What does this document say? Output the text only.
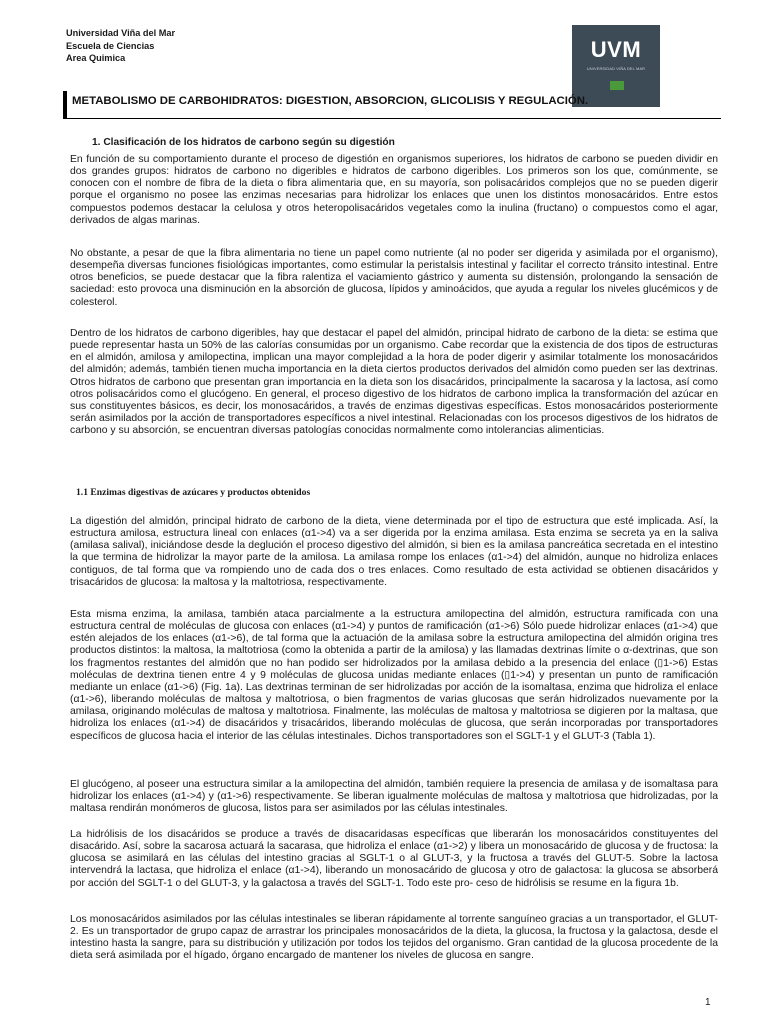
Universidad Viña del Mar
Escuela de Ciencias
Area Quimica	UVM
UNIVERSIDAD VIÑA DEL MAR
METABOLISMO DE CARBOHIDRATOS: DIGESTION, ABSORCION, GLICOLISIS Y REGULACIÓN.
1. Clasificación de los hidratos de carbono según su digestión
En función de su comportamiento durante el proceso de digestión en organismos superiores, los hidratos de carbono se pueden dividir en dos grandes grupos: hidratos de carbono no digeribles e hidratos de carbono digeribles. Los primeros son los que, comúnmente, se conocen con el nombre de fibra de la dieta o fibra alimentaria que, en su mayoría, son polisacáridos complejos que no se pueden digerir porque el organismo no posee las enzimas necesarias para hidrolizar los enlaces que unen los distintos monosacáridos. Entre estos compuestos podemos destacar la celulosa y otros heteropolisacáridos vegetales como la inulina (fructano) o compuestos como el agar, derivados de algas marinas.
No obstante, a pesar de que la fibra alimentaria no tiene un papel como nutriente (al no poder ser digerida y asimilada por el organismo), desempeña diversas funciones fisiológicas importantes, como estimular la peristalsis intestinal y facilitar el correcto tránsito intestinal. Entre otros beneficios, se puede destacar que la fibra ralentiza el vaciamiento gástrico y aumenta su distensión, prolongando la sensación de saciedad: esto provoca una disminución en la absorción de glucosa, lípidos y aminoácidos, que ayuda a regular los niveles glucémicos y de colesterol.
Dentro de los hidratos de carbono digeribles, hay que destacar el papel del almidón, principal hidrato de carbono de la dieta: se estima que puede representar hasta un 50% de las calorías consumidas por un organismo. Cabe recordar que la existencia de dos tipos de estructuras en el almidón, amilosa y amilopectina, implican una mayor complejidad a la hora de poder digerir y asimilar totalmente los monosacáridos del almidón; además, también tienen mucha importancia en la dieta ciertos productos derivados del almidón como pueden ser las dextrinas. Otros hidratos de carbono que presentan gran importancia en la dieta son los disacáridos, principalmente la sacarosa y la lactosa, así como otros polisacáridos como el glucógeno. En general, el proceso digestivo de los hidratos de carbono implica la transformación del azúcar en sus constituyentes básicos, es decir, los monosacáridos, a través de enzimas digestivas específicas. Estos monosacáridos posteriormente serán asimilados por la acción de transportadores específicos a nivel intestinal. Relacionadas con los procesos digestivos de los hidratos de carbono y su absorción, se encuentran diversas patologías conocidas normalmente como intolerancias alimenticias.
1.1 Enzimas digestivas de azúcares y productos obtenidos
La digestión del almidón, principal hidrato de carbono de la dieta, viene determinada por el tipo de estructura que esté implicada. Así, la estructura amilosa, estructura lineal con enlaces (α1->4) va a ser digerida por la enzima amilasa. Esta enzima se secreta ya en la saliva (amilasa salival), iniciándose desde la deglución el proceso digestivo del almidón, si bien es la amilasa pancreática secretada en el intestino la que termina de hidrolizar la mayor parte de la amilosa. La amilasa rompe los enlaces (α1->4) del almidón, aunque no hidroliza enlaces contiguos, de tal forma que va rompiendo uno de cada dos o tres enlaces. Como resultado de esta actividad se obtienen disacáridos y trisacáridos de glucosa: la maltosa y la maltotriosa, respectivamente.
Esta misma enzima, la amilasa, también ataca parcialmente a la estructura amilopectina del almidón, estructura ramificada con una estructura central de moléculas de glucosa con enlaces (α1->4) y puntos de ramificación (α1->6) Sólo puede hidrolizar enlaces (α1->4) que estén alejados de los enlaces (α1->6), de tal forma que la actuación de la amilasa sobre la estructura amilopectina del almidón origina tres productos distintos: la maltosa, la maltotriosa (como la obtenida a partir de la amilosa) y las llamadas dextrinas límite o α-dextrinas, que son los fragmentos restantes del almidón que no han podido ser hidrolizados por la amilasa debido a la presencia del enlace (▯1->6) Estas moléculas de dextrina tienen entre 4 y 9 moléculas de glucosa unidas mediante enlaces (▯1->4) y presentan un punto de ramificación mediante un enlace (α1->6) (Fig. 1a). Las dextrinas terminan de ser hidrolizadas por acción de la isomaltasa, enzima que hidroliza el enlace (α1->6), liberando moléculas de maltosa y maltotriosa, o bien fragmentos de varias glucosas que serán hidrolizados nuevamente por la amilasa, originando moléculas de maltosa y maltotriosa. Finalmente, las moléculas de maltosa y maltotriosa se digieren por la maltasa, que hidroliza los enlaces (α1->4) de disacáridos y trisacáridos, liberando moléculas de glucosa, que serán incorporadas por transportadores específicos de glucosa hacia el interior de las células intestinales. Dichos transportadores son el SGLT-1 y el GLUT-3 (Tabla 1).
El glucógeno, al poseer una estructura similar a la amilopectina del almidón, también requiere la presencia de amilasa y de isomaltasa para hidrolizar los enlaces (α1->4) y (α1->6) respectivamente. Se liberan igualmente moléculas de maltosa y maltotriosa que hidrolizadas, por la maltasa rendirán monómeros de glucosa, listos para ser asimilados por las células intestinales.
La hidrólisis de los disacáridos se produce a través de disacaridasas específicas que liberarán los monosacáridos constituyentes del disacárido. Así, sobre la sacarosa actuará la sacarasa, que hidroliza el enlace (α1->2) y libera un monosacárido de glucosa y de fructosa: la glucosa se asimilará en las células del intestino gracias al SGLT-1 o al GLUT-3, y la fructosa a través del GLUT-5. Sobre la lactosa intervendrá la lactasa, que hidroliza el enlace (α1->4), liberando un monosacárido de glucosa y otro de galactosa: la glucosa se absorberá por acción del SGLT-1 o del GLUT-3, y la galactosa a través del SGLT-1. Todo este pro- ceso de hidrólisis se resume en la figura 1b.
Los monosacáridos asimilados por las células intestinales se liberan rápidamente al torrente sanguíneo gracias a un transportador, el GLUT-2. Es un transportador de grupo capaz de arrastrar los principales monosacáridos de la dieta, la glucosa, la fructosa y la galactosa, desde el intestino hasta la sangre, para su distribución y utilización por todos los tejidos del organismo. Gran cantidad de la glucosa procedente de la dieta será asimilada por el hígado, órgano encargado de mantener los niveles de glucosa en sangre.
1
